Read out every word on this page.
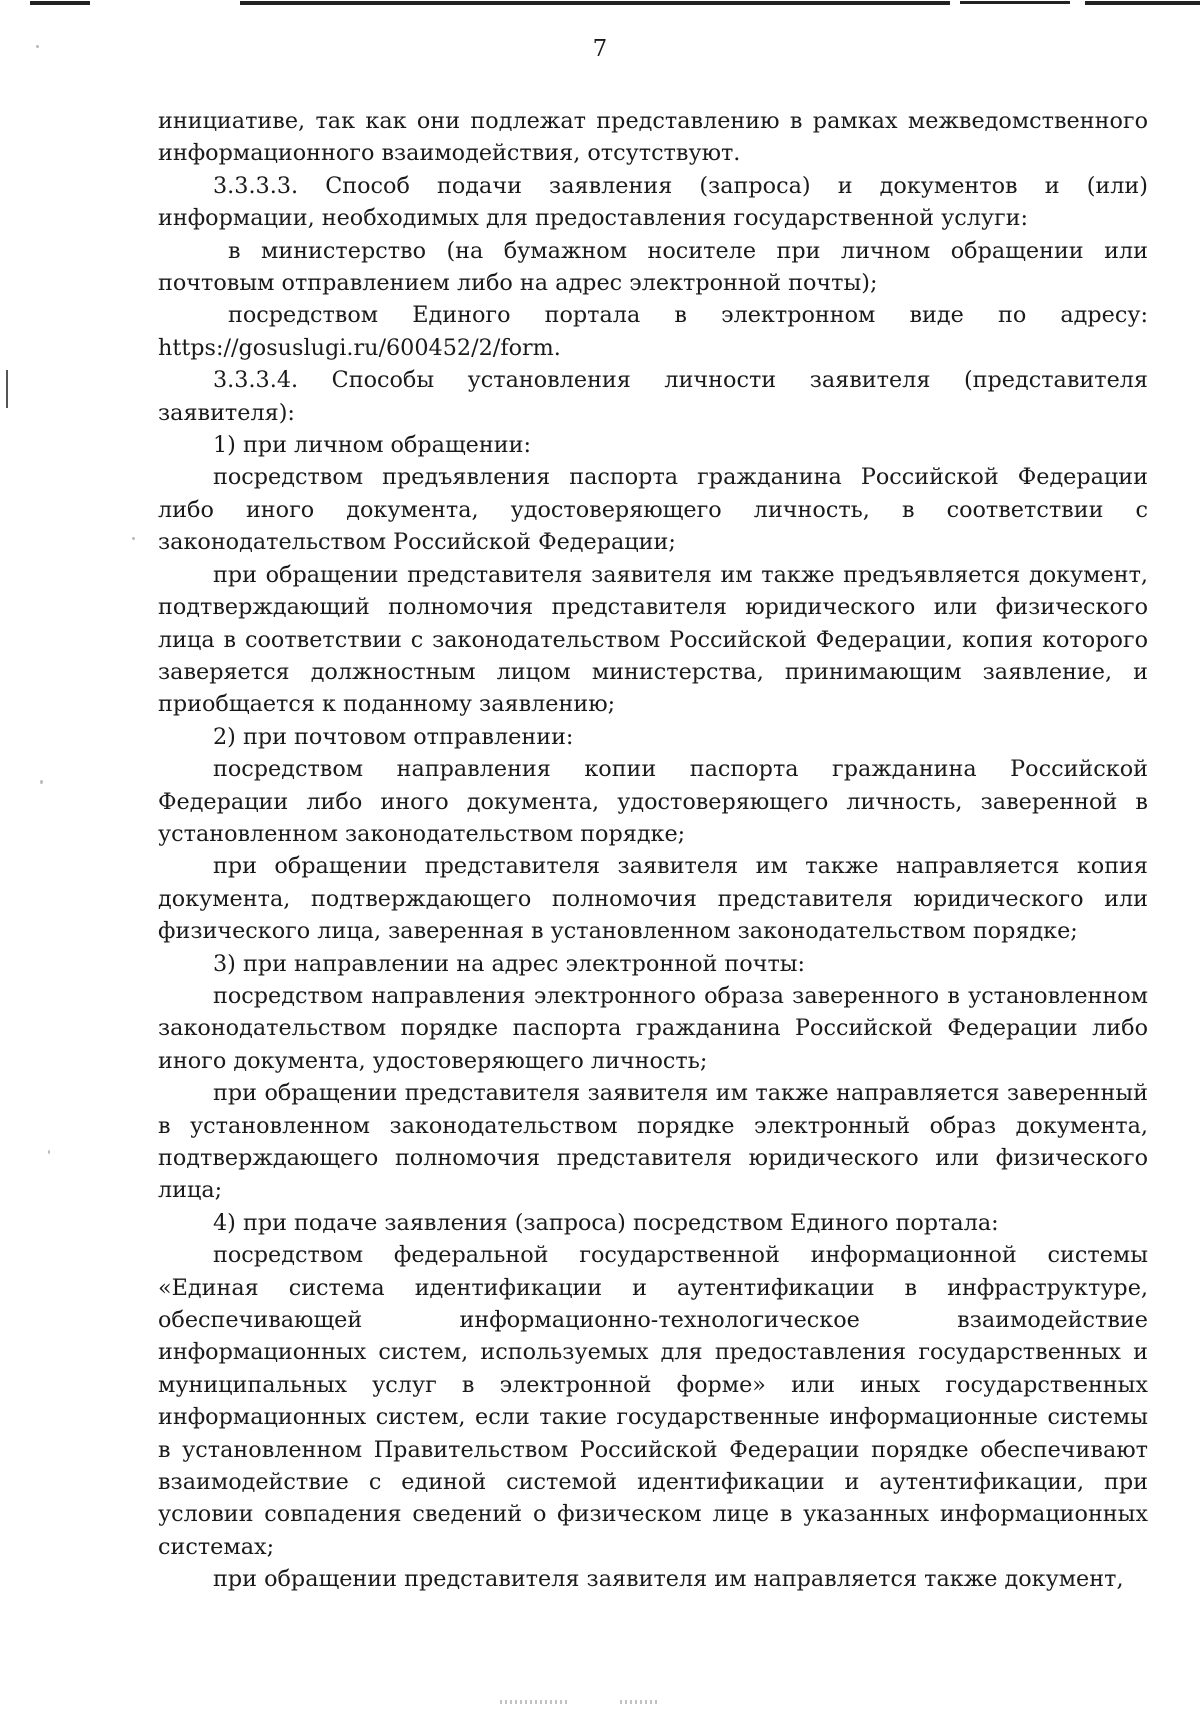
7

инициативе, так как они подлежат представлению в рамках межведомственного информационного взаимодействия, отсутствуют.

3.3.3.3. Способ подачи заявления (запроса) и документов и (или) информации, необходимых для предоставления государственной услуги:

в министерство (на бумажном носителе при личном обращении или почтовым отправлением либо на адрес электронной почты);

посредством Единого портала в электронном виде по адресу: https://gosuslugi.ru/600452/2/form.

3.3.3.4. Способы установления личности заявителя (представителя заявителя):

1) при личном обращении:

посредством предъявления паспорта гражданина Российской Федерации либо иного документа, удостоверяющего личность, в соответствии с законодательством Российской Федерации;

при обращении представителя заявителя им также предъявляется документ, подтверждающий полномочия представителя юридического или физического лица в соответствии с законодательством Российской Федерации, копия которого заверяется должностным лицом министерства, принимающим заявление, и приобщается к поданному заявлению;

2) при почтовом отправлении:

посредством направления копии паспорта гражданина Российской Федерации либо иного документа, удостоверяющего личность, заверенной в установленном законодательством порядке;

при обращении представителя заявителя им также направляется копия документа, подтверждающего полномочия представителя юридического или физического лица, заверенная в установленном законодательством порядке;

3) при направлении на адрес электронной почты:

посредством направления электронного образа заверенного в установленном законодательством порядке паспорта гражданина Российской Федерации либо иного документа, удостоверяющего личность;

при обращении представителя заявителя им также направляется заверенный в установленном законодательством порядке электронный образ документа, подтверждающего полномочия представителя юридического или физического лица;

4) при подаче заявления (запроса) посредством Единого портала:

посредством федеральной государственной информационной системы «Единая система идентификации и аутентификации в инфраструктуре, обеспечивающей информационно-технологическое взаимодействие информационных систем, используемых для предоставления государственных и муниципальных услуг в электронной форме» или иных государственных информационных систем, если такие государственные информационные системы в установленном Правительством Российской Федерации порядке обеспечивают взаимодействие с единой системой идентификации и аутентификации, при условии совпадения сведений о физическом лице в указанных информационных системах;

при обращении представителя заявителя им направляется также документ,
